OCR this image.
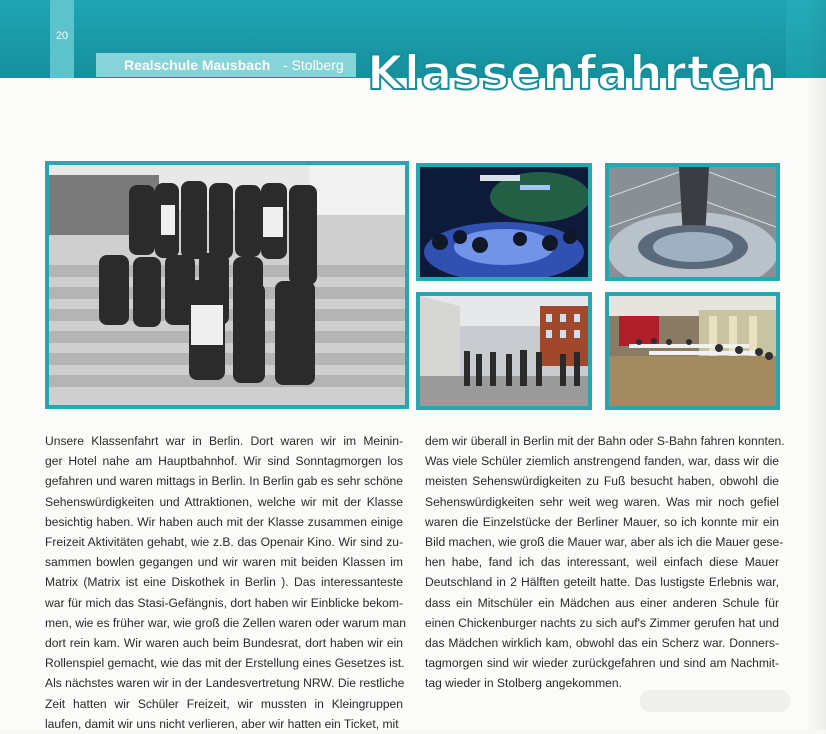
20
Realschule Mausbach - Stolberg Klassenfahrten
Unsere Klassenfahrt war in Berlin. Dort waren wir im Meinin-
ger Hotel nahe am Hauptbahnhof. Wir sind Sonntagmorgen los
gefahren und waren mittags in Berlin. In Berlin gab es sehr schöne
Sehenswürdigkeiten und Attraktionen, welche wir mit der Klasse
besichtig haben. Wir haben auch mit der Klasse zusammen einige
Freizeit Aktivitäten gehabt, wie z.B. das Openair Kino. Wir sind zu-
sammen bowlen gegangen und wir waren mit beiden Klassen im
Matrix (Matrix ist eine Diskothek in Berlin ). Das interessanteste
war für mich das Stasi-Gefängnis, dort haben wir Einblicke bekom-
men, wie es früher war, wie groß die Zellen waren oder warum man
dort rein kam. Wir waren auch beim Bundesrat, dort haben wir ein
Rollenspiel gemacht, wie das mit der Erstellung eines Gesetzes ist.
Als nächstes waren wir in der Landesvertretung NRW. Die restliche
Zeit hatten wir Schüler Freizeit, wir mussten in Kleingruppen
laufen, damit wir uns nicht verlieren, aber wir hatten ein Ticket, mit
dem wir überall in Berlin mit der Bahn oder S-Bahn fahren konnten.
Was viele Schüler ziemlich anstrengend fanden, war, dass wir die
meisten Sehenswürdigkeiten zu Fuß besucht haben, obwohl die
Sehenswürdigkeiten sehr weit weg waren. Was mir noch gefiel
waren die Einzelstücke der Berliner Mauer, so ich konnte mir ein
Bild machen, wie groß die Mauer war, aber als ich die Mauer gese-
hen habe, fand ich das interessant, weil einfach diese Mauer
Deutschland in 2 Hälften geteilt hatte. Das lustigste Erlebnis war,
dass ein Mitschüler ein Mädchen aus einer anderen Schule für
einen Chickenburger nachts zu sich auf's Zimmer gerufen hat und
das Mädchen wirklich kam, obwohl das ein Scherz war. Donners-
tagmorgen sind wir wieder zurückgefahren und sind am Nachmit-
tag wieder in Stolberg angekommen.
